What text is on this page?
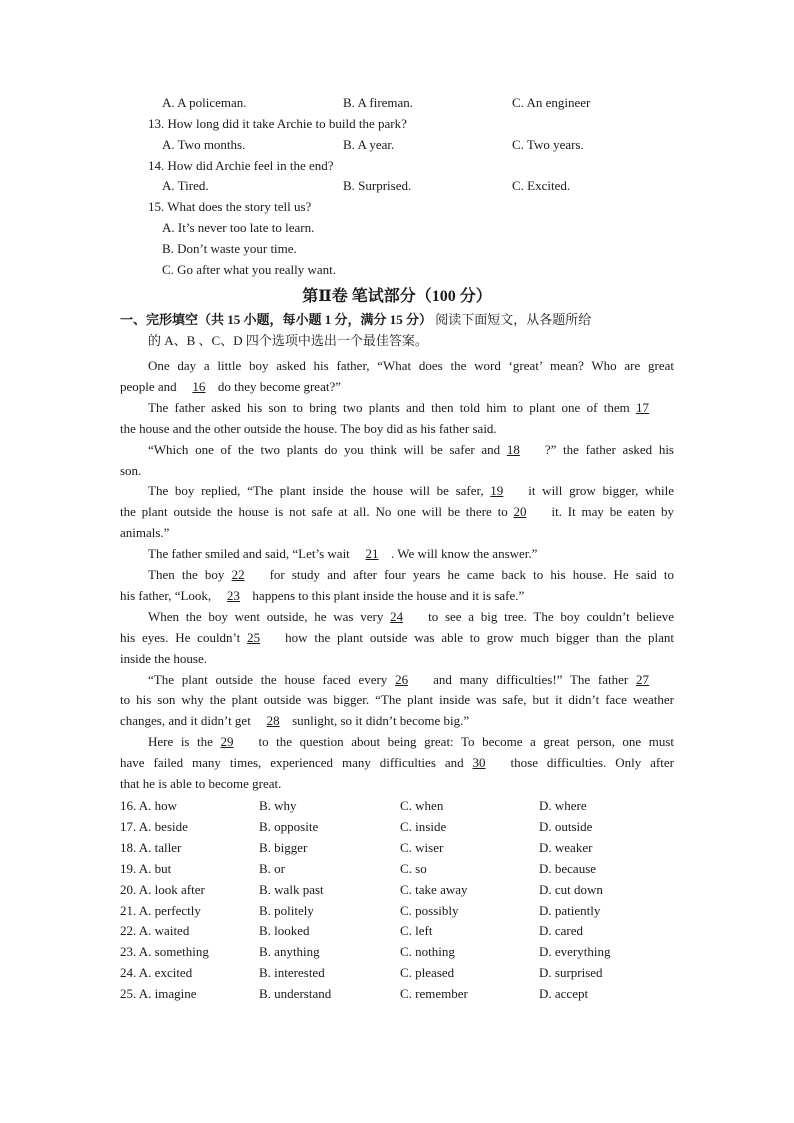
A. A policeman.	B. A fireman.	C. An engineer
13. How long did it take Archie to build the park?
A. Two months.	B. A year.	C. Two years.
14. How did Archie feel in the end?
A. Tired.	B. Surprised.	C. Excited.
15. What does the story tell us?
A. It’s never too late to learn.
B. Don’t waste your time.
C. Go after what you really want.
第Ⅱ卷 笔试部分（100 分）
一、完形填空（共 15 小题，每小题 1 分，满分 15 分） 阅读下面短文，从各题所给
的 A、B 、C、D 四个选项中选出一个最佳答案。
One day a little boy asked his father, “What does the word ‘great’ mean? Who are great
people and 16 do they become great?”
The father asked his son to bring two plants and then told him to plant one of them 17
the house and the other outside the house. The boy did as his father said.
“Which one of the two plants do you think will be safer and 18 ?” the father asked his
son.
The boy replied, “The plant inside the house will be safer, 19 it will grow bigger, while
the plant outside the house is not safe at all. No one will be there to 20 it. It may be eaten by
animals.”
The father smiled and said, “Let’s wait 21 . We will know the answer.”
Then the boy 22 for study and after four years he came back to his house. He said to
his father, “Look, 23 happens to this plant inside the house and it is safe.”
When the boy went outside, he was very 24 to see a big tree. The boy couldn’t believe
his eyes. He couldn’t 25 how the plant outside was able to grow much bigger than the plant
inside the house.
“The plant outside the house faced every 26 and many difficulties!” The father 27
to his son why the plant outside was bigger. “The plant inside was safe, but it didn’t face weather
changes, and it didn’t get 28 sunlight, so it didn’t become big.”
Here is the 29 to the question about being great: To become a great person, one must
have failed many times, experienced many difficulties and 30 those difficulties. Only after
that he is able to become great.
16. A. how	B. why	C. when	D. where
17. A. beside	B. opposite	C. inside	D. outside
18. A. taller	B. bigger	C. wiser	D. weaker
19. A. but	B. or	C. so	D. because
20. A. look after	B. walk past	C. take away	D. cut down
21. A. perfectly	B. politely	C. possibly	D. patiently
22. A. waited	B. looked	C. left	D. cared
23. A. something	B. anything	C. nothing	D. everything
24. A. excited	B. interested	C. pleased	D. surprised
25. A. imagine	B. understand	C. remember	D. accept
